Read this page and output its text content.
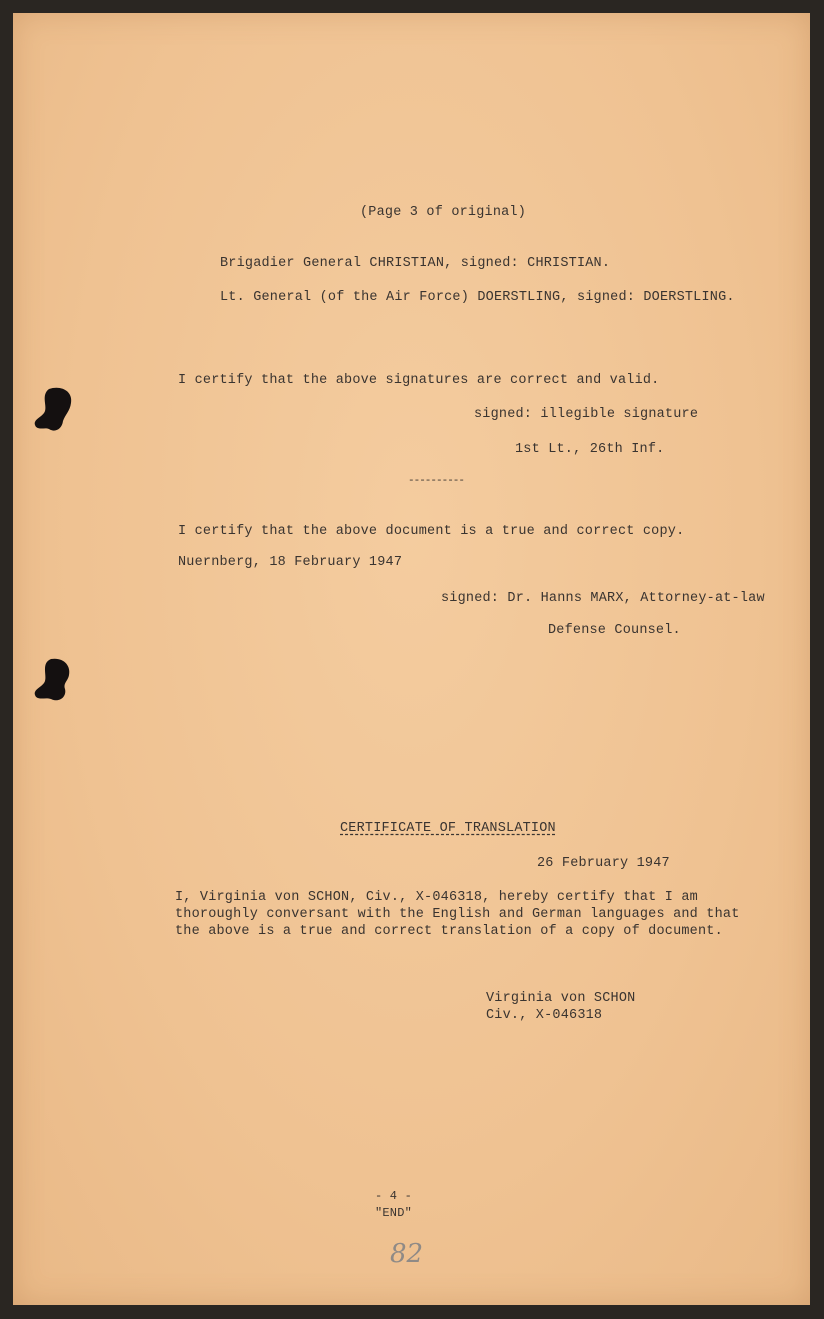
(Page 3 of original)
Brigadier General CHRISTIAN, signed: CHRISTIAN.
Lt. General (of the Air Force) DOERSTLING, signed: DOERSTLING.
I certify that the above signatures are correct and valid.
signed: illegible signature
1st Lt., 26th Inf.
----------
I certify that the above document is a true and correct copy.
Nuernberg, 18 February 1947
signed: Dr. Hanns MARX, Attorney-at-law
Defense Counsel.
CERTIFICATE OF TRANSLATION
26 February 1947
I, Virginia von SCHON, Civ., X-046318, hereby certify that I am
thoroughly conversant with the English and German languages and that
the above is a true and correct translation of a copy of document.
Virginia von SCHON
Civ., X-046318
- 4 -
"END"
82
